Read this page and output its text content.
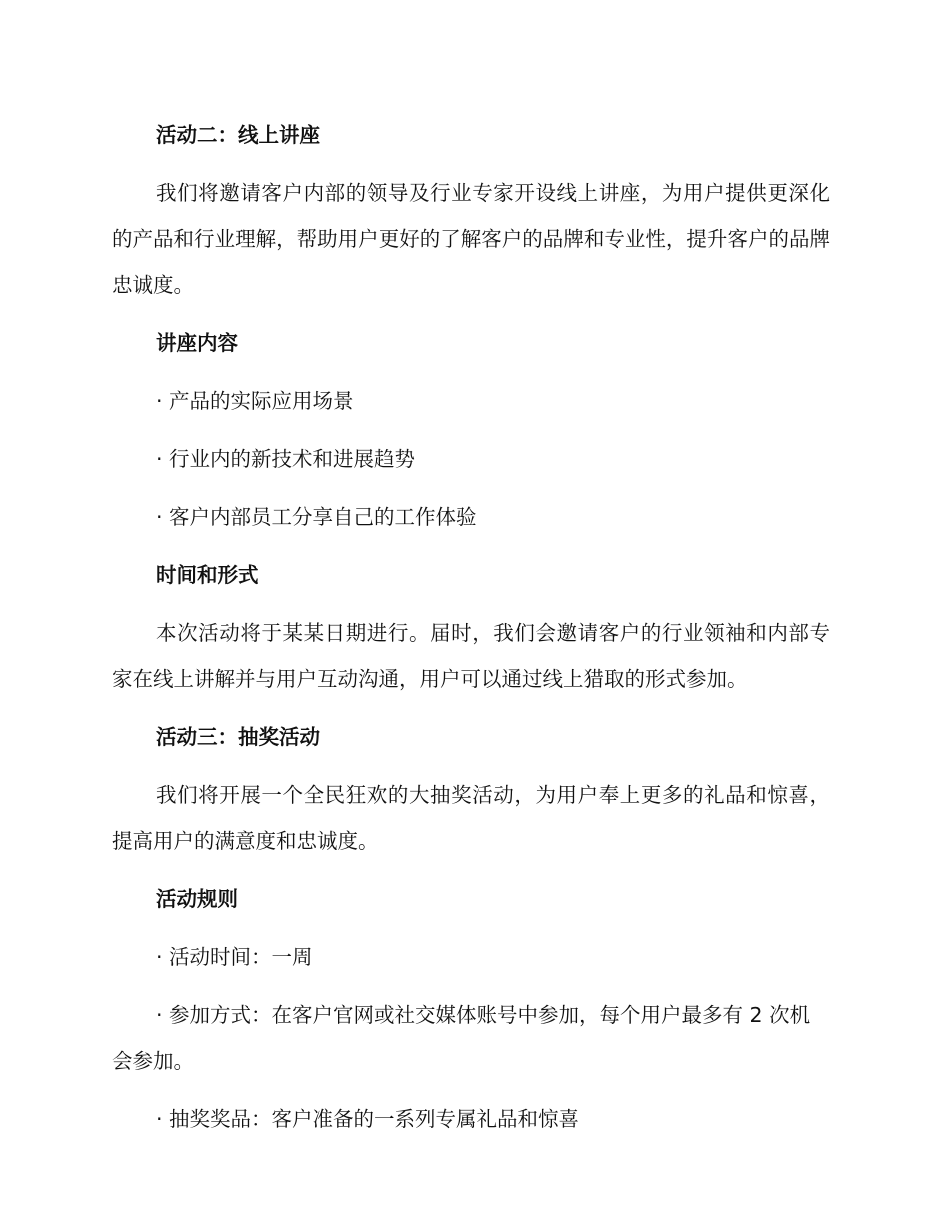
活动二：线上讲座
我们将邀请客户内部的领导及行业专家开设线上讲座，为用户提供更深化的产品和行业理解，帮助用户更好的了解客户的品牌和专业性，提升客户的品牌忠诚度。
讲座内容
· 产品的实际应用场景
· 行业内的新技术和进展趋势
· 客户内部员工分享自己的工作体验
时间和形式
本次活动将于某某日期进行。届时，我们会邀请客户的行业领袖和内部专家在线上讲解并与用户互动沟通，用户可以通过线上猎取的形式参加。
活动三：抽奖活动
我们将开展一个全民狂欢的大抽奖活动，为用户奉上更多的礼品和惊喜，提高用户的满意度和忠诚度。
活动规则
· 活动时间：一周
· 参加方式：在客户官网或社交媒体账号中参加，每个用户最多有 2 次机会参加。
· 抽奖奖品：客户准备的一系列专属礼品和惊喜
